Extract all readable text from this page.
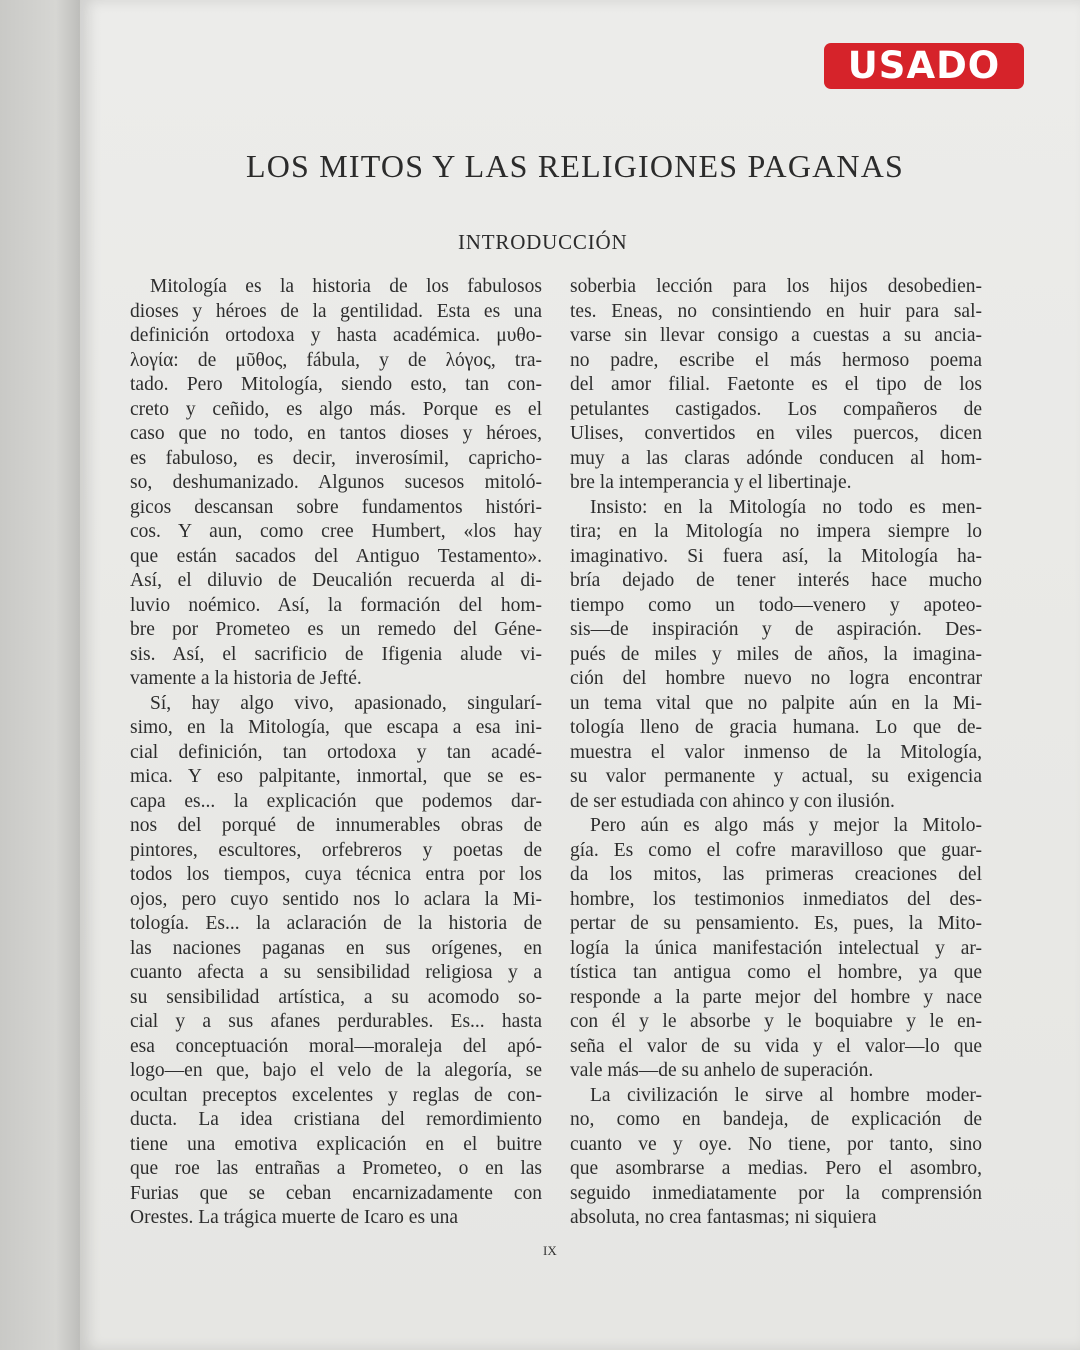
USADO
LOS MITOS Y LAS RELIGIONES PAGANAS
INTRODUCCIÓN
Mitología es la historia de los fabulosos
dioses y héroes de la gentilidad. Esta es una
definición ortodoxa y hasta académica. μυθο-
λογία: de μῦθος, fábula, y de λόγος, tra-
tado. Pero Mitología, siendo esto, tan con-
creto y ceñido, es algo más. Porque es el
caso que no todo, en tantos dioses y héroes,
es fabuloso, es decir, inverosímil, capricho-
so, deshumanizado. Algunos sucesos mitoló-
gicos descansan sobre fundamentos históri-
cos. Y aun, como cree Humbert, «los hay
que están sacados del Antiguo Testamento».
Así, el diluvio de Deucalión recuerda al di-
luvio noémico. Así, la formación del hom-
bre por Prometeo es un remedo del Géne-
sis. Así, el sacrificio de Ifigenia alude vi-
vamente a la historia de Jefté.
Sí, hay algo vivo, apasionado, singularí-
simo, en la Mitología, que escapa a esa ini-
cial definición, tan ortodoxa y tan acadé-
mica. Y eso palpitante, inmortal, que se es-
capa es... la explicación que podemos dar-
nos del porqué de innumerables obras de
pintores, escultores, orfebreros y poetas de
todos los tiempos, cuya técnica entra por los
ojos, pero cuyo sentido nos lo aclara la Mi-
tología. Es... la aclaración de la historia de
las naciones paganas en sus orígenes, en
cuanto afecta a su sensibilidad religiosa y a
su sensibilidad artística, a su acomodo so-
cial y a sus afanes perdurables. Es... hasta
esa conceptuación moral—moraleja del apó-
logo—en que, bajo el velo de la alegoría, se
ocultan preceptos excelentes y reglas de con-
ducta. La idea cristiana del remordimiento
tiene una emotiva explicación en el buitre
que roe las entrañas a Prometeo, o en las
Furias que se ceban encarnizadamente con
Orestes. La trágica muerte de Icaro es una
soberbia lección para los hijos desobedien-
tes. Eneas, no consintiendo en huir para sal-
varse sin llevar consigo a cuestas a su ancia-
no padre, escribe el más hermoso poema
del amor filial. Faetonte es el tipo de los
petulantes castigados. Los compañeros de
Ulises, convertidos en viles puercos, dicen
muy a las claras adónde conducen al hom-
bre la intemperancia y el libertinaje.
Insisto: en la Mitología no todo es men-
tira; en la Mitología no impera siempre lo
imaginativo. Si fuera así, la Mitología ha-
bría dejado de tener interés hace mucho
tiempo como un todo—venero y apoteo-
sis—de inspiración y de aspiración. Des-
pués de miles y miles de años, la imagina-
ción del hombre nuevo no logra encontrar
un tema vital que no palpite aún en la Mi-
tología lleno de gracia humana. Lo que de-
muestra el valor inmenso de la Mitología,
su valor permanente y actual, su exigencia
de ser estudiada con ahinco y con ilusión.
Pero aún es algo más y mejor la Mitolo-
gía. Es como el cofre maravilloso que guar-
da los mitos, las primeras creaciones del
hombre, los testimonios inmediatos del des-
pertar de su pensamiento. Es, pues, la Mito-
logía la única manifestación intelectual y ar-
tística tan antigua como el hombre, ya que
responde a la parte mejor del hombre y nace
con él y le absorbe y le boquiabre y le en-
seña el valor de su vida y el valor—lo que
vale más—de su anhelo de superación.
La civilización le sirve al hombre moder-
no, como en bandeja, de explicación de
cuanto ve y oye. No tiene, por tanto, sino
que asombrarse a medias. Pero el asombro,
seguido inmediatamente por la comprensión
absoluta, no crea fantasmas; ni siquiera
IX
